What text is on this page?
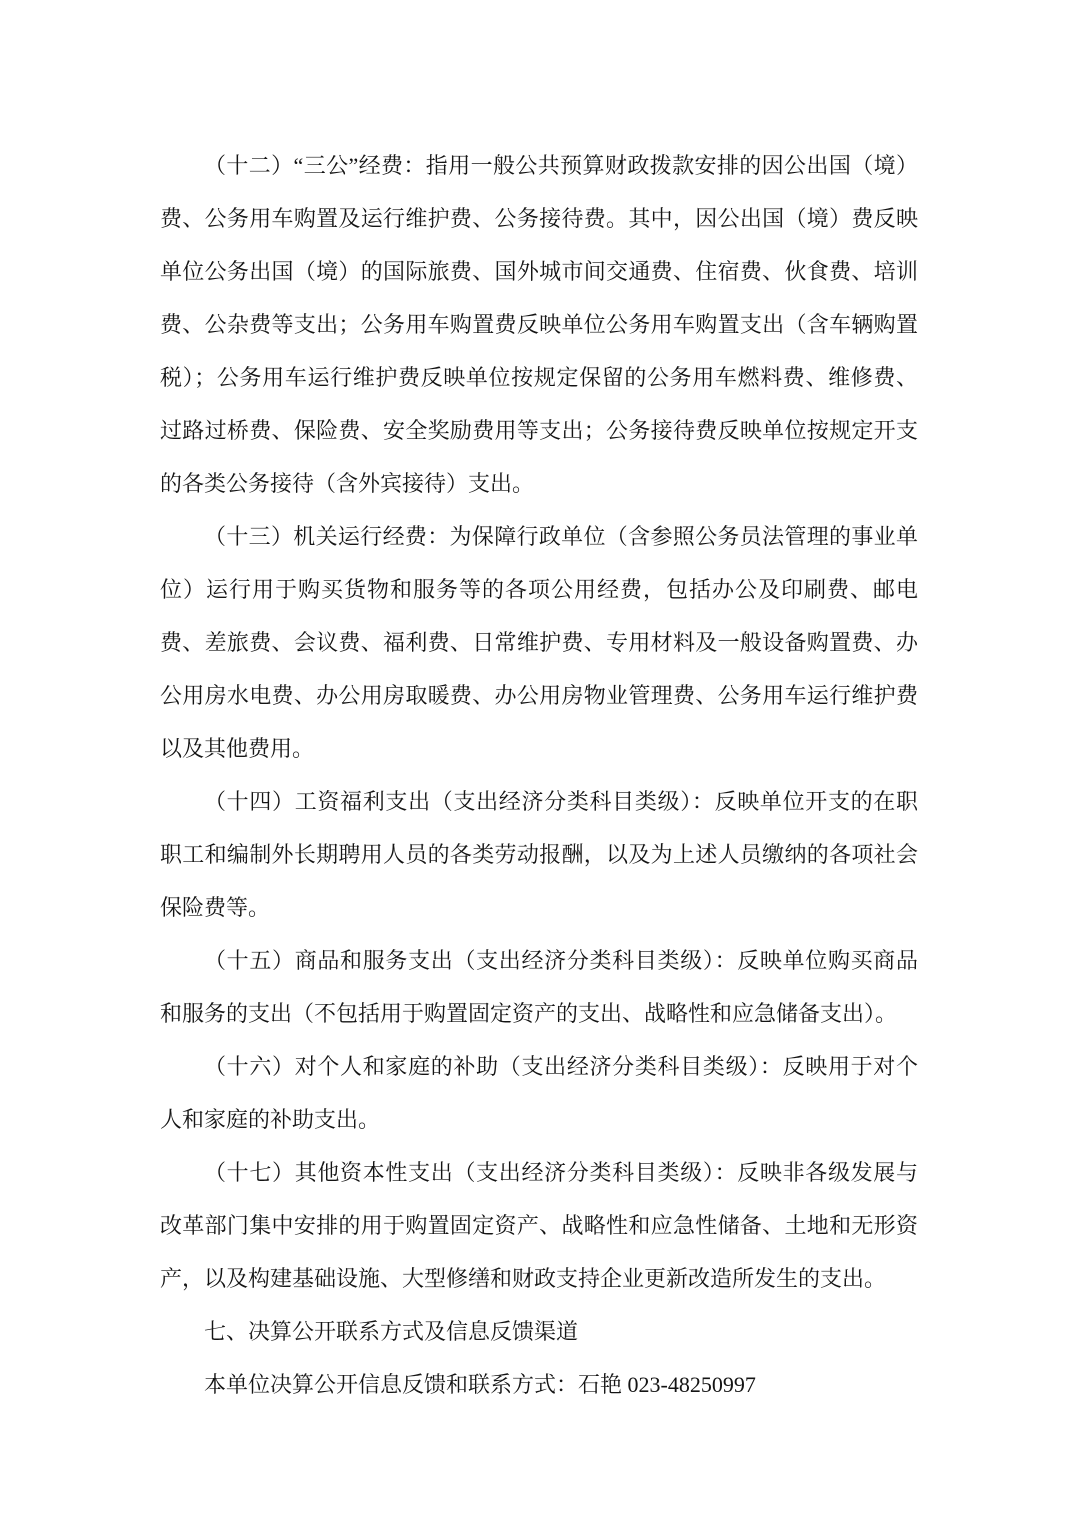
（十二）“三公”经费：指用一般公共预算财政拨款安排的因公出国（境）费、公务用车购置及运行维护费、公务接待费。其中，因公出国（境）费反映单位公务出国（境）的国际旅费、国外城市间交通费、住宿费、伙食费、培训费、公杂费等支出；公务用车购置费反映单位公务用车购置支出（含车辆购置税）；公务用车运行维护费反映单位按规定保留的公务用车燃料费、维修费、过路过桥费、保险费、安全奖励费用等支出；公务接待费反映单位按规定开支的各类公务接待（含外宾接待）支出。

（十三）机关运行经费：为保障行政单位（含参照公务员法管理的事业单位）运行用于购买货物和服务等的各项公用经费，包括办公及印刷费、邮电费、差旅费、会议费、福利费、日常维护费、专用材料及一般设备购置费、办公用房水电费、办公用房取暖费、办公用房物业管理费、公务用车运行维护费以及其他费用。

（十四）工资福利支出（支出经济分类科目类级）：反映单位开支的在职职工和编制外长期聘用人员的各类劳动报酬，以及为上述人员缴纳的各项社会保险费等。

（十五）商品和服务支出（支出经济分类科目类级）：反映单位购买商品和服务的支出（不包括用于购置固定资产的支出、战略性和应急储备支出）。

（十六）对个人和家庭的补助（支出经济分类科目类级）：反映用于对个人和家庭的补助支出。

（十七）其他资本性支出（支出经济分类科目类级）：反映非各级发展与改革部门集中安排的用于购置固定资产、战略性和应急性储备、土地和无形资产，以及构建基础设施、大型修缮和财政支持企业更新改造所发生的支出。

七、决算公开联系方式及信息反馈渠道

本单位决算公开信息反馈和联系方式：石艳 023-48250997
